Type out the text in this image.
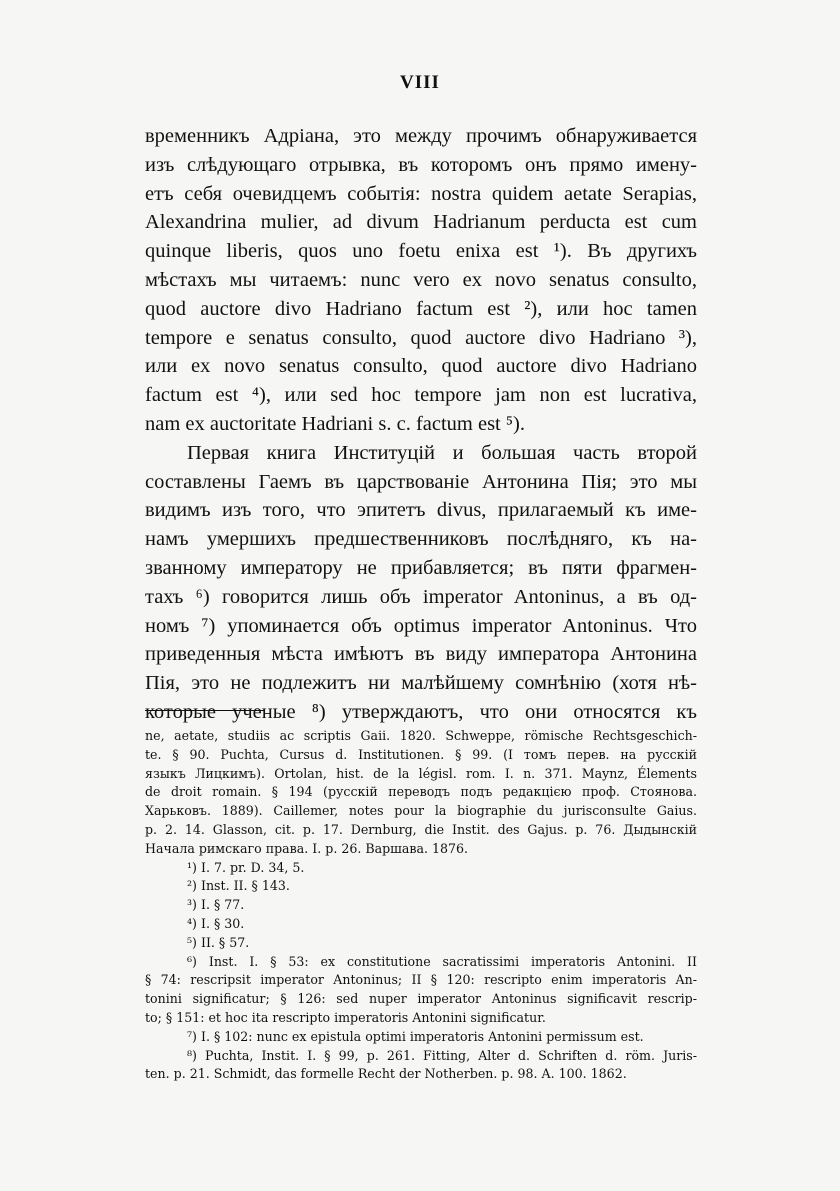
VIII

временникъ Адріана, это между прочимъ обнаруживается
изъ слѣдующаго отрывка, въ которомъ онъ прямо имену-
етъ себя очевидцемъ событія: nostra quidem aetate Serapias,
Alexandrina mulier, ad divum Hadrianum perducta est cum
quinque liberis, quos uno foetu enixa est ¹). Въ другихъ
мѣстахъ мы читаемъ: nunc vero ex novo senatus consulto,
quod auctore divo Hadriano factum est ²), или hoc tamen
tempore e senatus consulto, quod auctore divo Hadriano ³),
или ex novo senatus consulto, quod auctore divo Hadriano
factum est ⁴), или sed hoc tempore jam non est lucrativa,
nam ex auctoritate Hadriani s. c. factum est ⁵).

Первая книга Институцій и большая часть второй
составлены Гаемъ въ царствованіе Антонина Пія; это мы
видимъ изъ того, что эпитетъ divus, прилагаемый къ име-
намъ умершихъ предшественниковъ послѣдняго, къ на-
званному императору не прибавляется; въ пяти фрагмен-
тахъ ⁶) говорится лишь объ imperator Antoninus, а въ од-
номъ ⁷) упоминается объ optimus imperator Antoninus. Что
приведенныя мѣста имѣютъ въ виду императора Антонина
Пія, это не подлежитъ ни малѣйшему сомнѣнію (хотя нѣ-
которые ученые ⁸) утверждаютъ, что они относятся къ

ne, aetate, studiis ac scriptis Gaii. 1820. Schweppe, römische Rechtsgeschich-
te. § 90. Puchta, Cursus d. Institutionen. § 99. (I томъ перев. на русскій
языкъ Лицкимъ). Ortolan, hist. de la législ. rom. I. n. 371. Maynz, Élements
de droit romain. § 194 (русскій переводъ подъ редакцією проф. Стоянова.
Харьковъ. 1889). Caillemer, notes pour la biographie du jurisconsulte Gaius.
p. 2. 14. Glasson, cit. p. 17. Dernburg, die Instit. des Gajus. p. 76. Дыдынскій
Начала римскаго права. I. p. 26. Варшава. 1876.
¹) I. 7. pr. D. 34, 5.
²) Inst. II. § 143.
³) I. § 77.
⁴) I. § 30.
⁵) II. § 57.
⁶) Inst. I. § 53: ex constitutione sacratissimi imperatoris Antonini. II
§ 74: rescripsit imperator Antoninus; II § 120: rescripto enim imperatoris An-
tonini significatur; § 126: sed nuper imperator Antoninus significavit rescrip-
to; § 151: et hoc ita rescripto imperatoris Antonini significatur.
⁷) I. § 102: nunc ex epistula optimi imperatoris Antonini permissum est.
⁸) Puchta, Instit. I. § 99, p. 261. Fitting, Alter d. Schriften d. röm. Juris-
ten. p. 21. Schmidt, das formelle Recht der Notherben. p. 98. A. 100. 1862.
